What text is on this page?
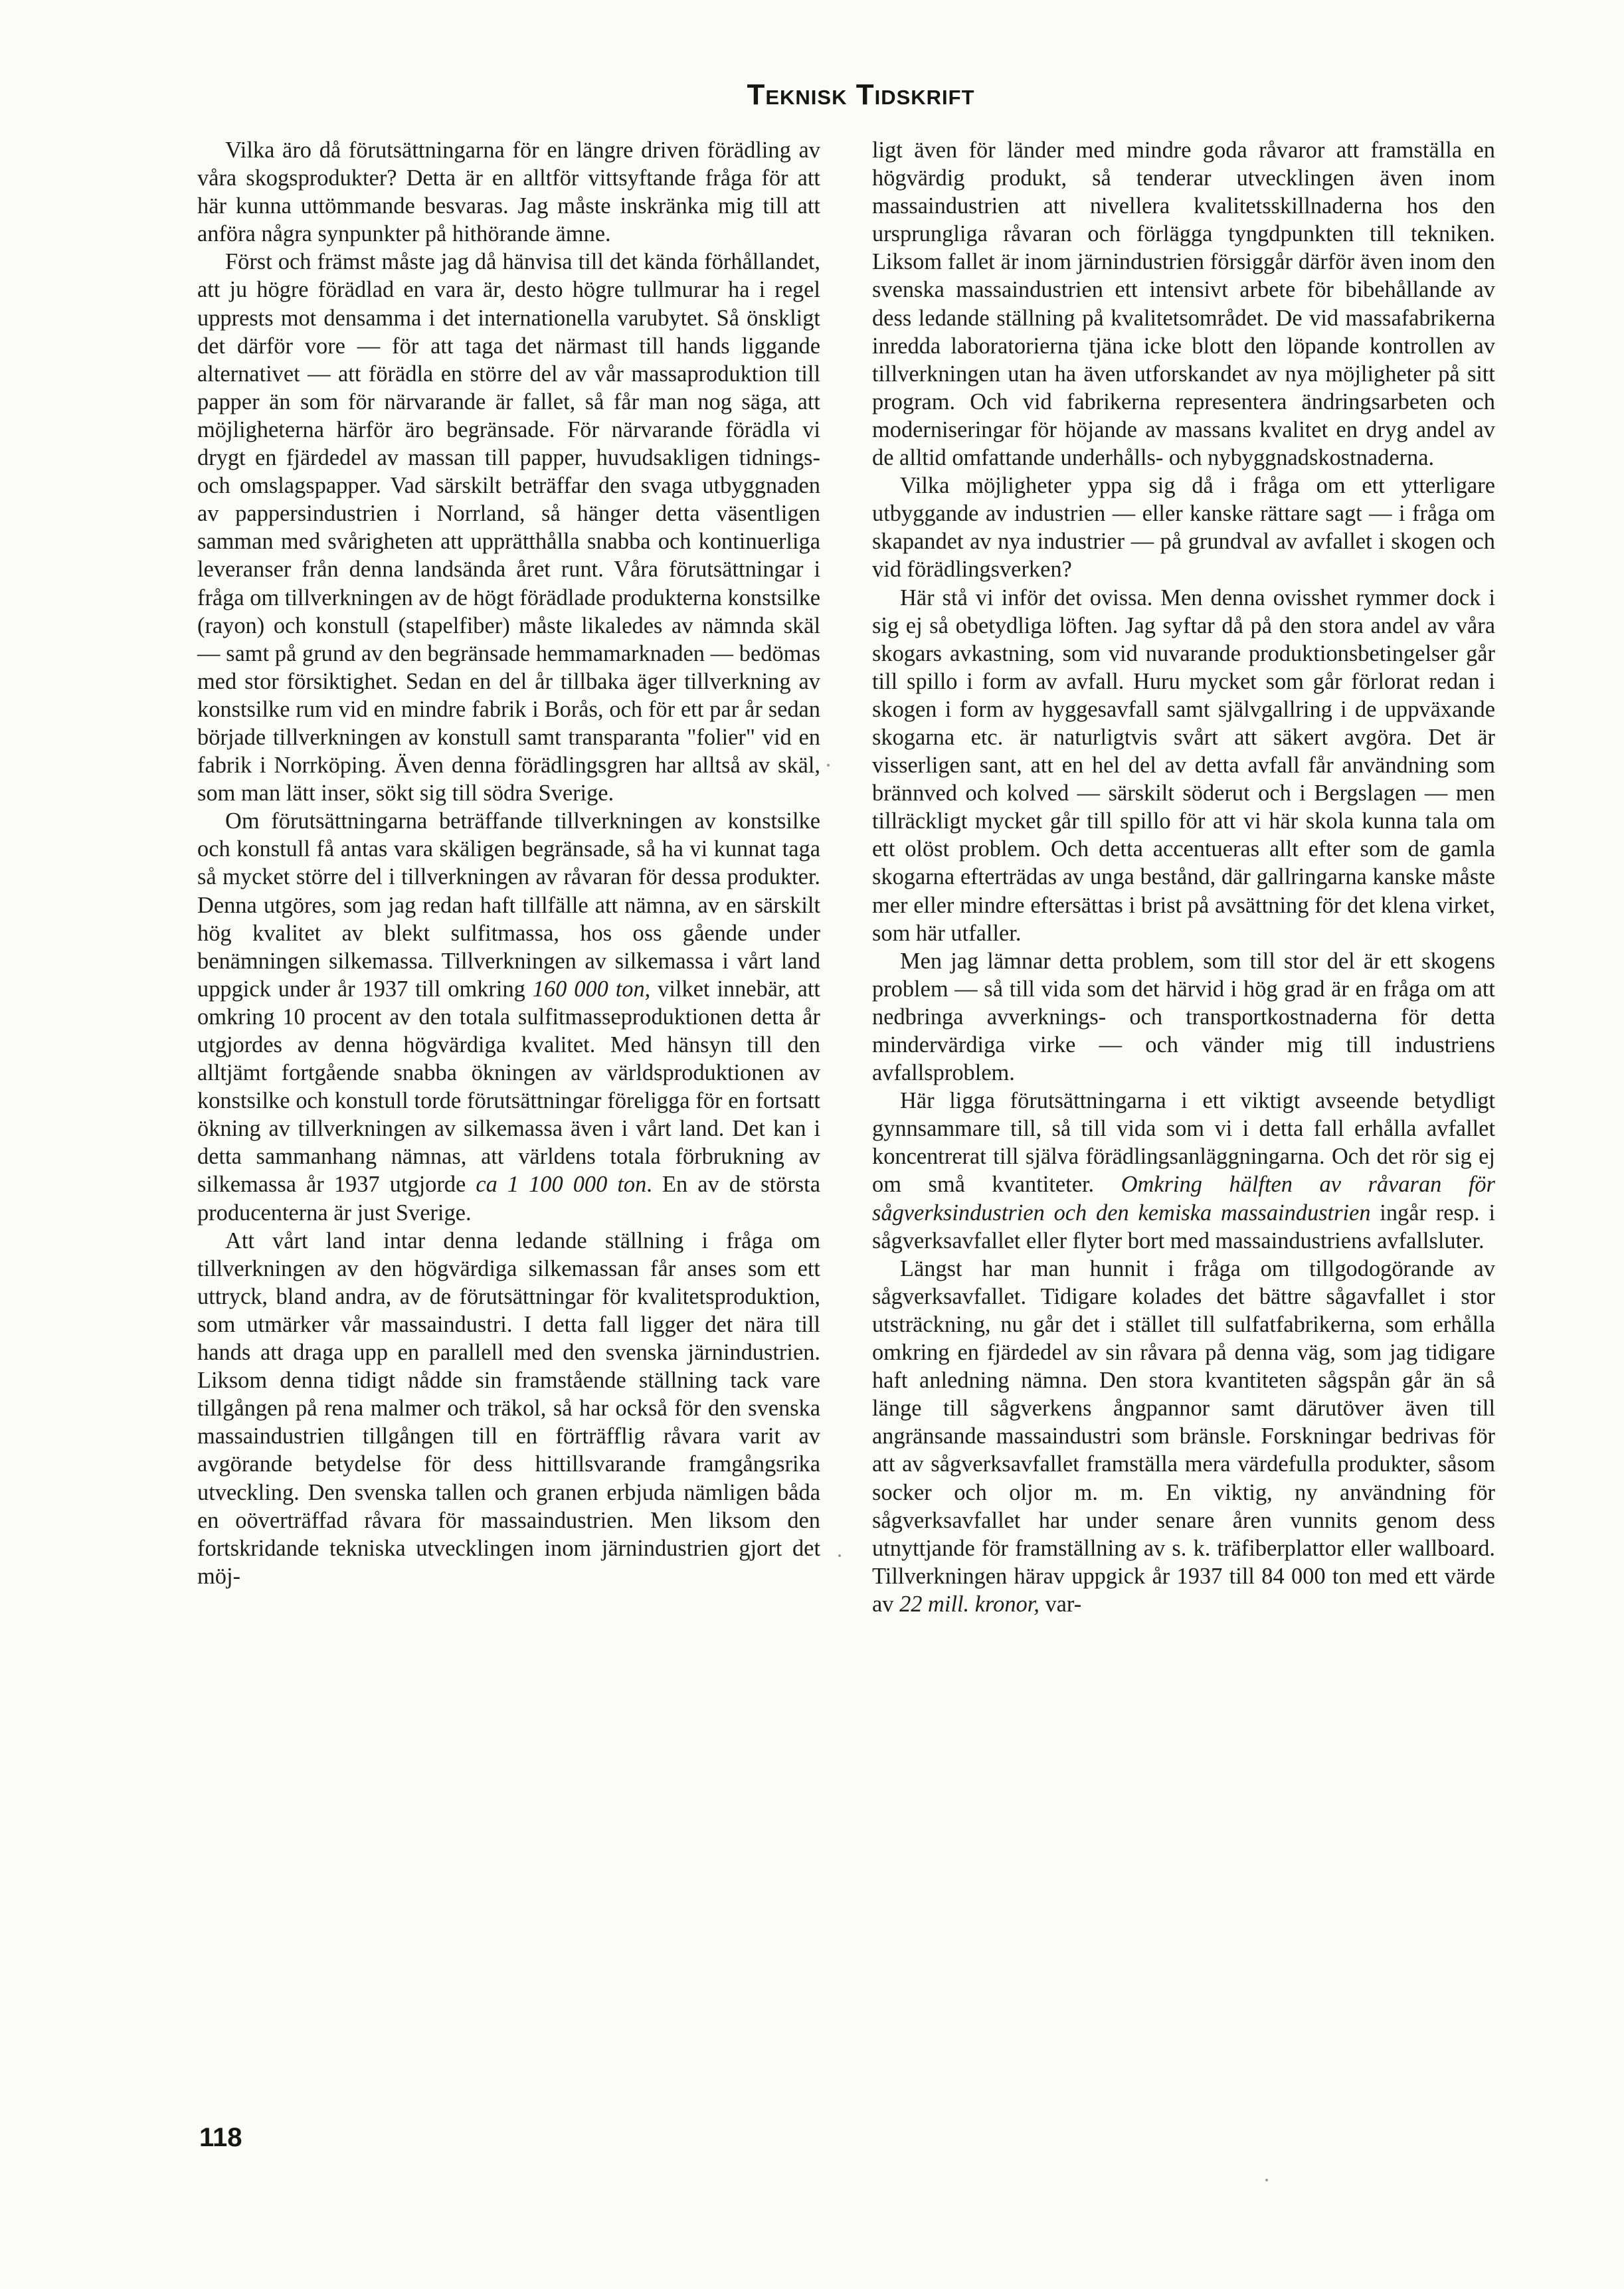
Teknisk Tidskrift

Vilka äro då förutsättningarna för en längre driven förädling av våra skogsprodukter? Detta är en alltför vittsyftande fråga för att här kunna uttömmande besvaras. Jag måste inskränka mig till att anföra några synpunkter på hithörande ämne.

Först och främst måste jag då hänvisa till det kända förhållandet, att ju högre förädlad en vara är, desto högre tullmurar ha i regel upprests mot densamma i det internationella varubytet. Så önskligt det därför vore — för att taga det närmast till hands liggande alternativet — att förädla en större del av vår massaproduktion till papper än som för närvarande är fallet, så får man nog säga, att möjligheterna härför äro begränsade. För närvarande förädla vi drygt en fjärdedel av massan till papper, huvudsakligen tidnings- och omslagspapper. Vad särskilt beträffar den svaga utbyggnaden av pappersindustrien i Norrland, så hänger detta väsentligen samman med svårigheten att upprätthålla snabba och kontinuerliga leveranser från denna landsända året runt. Våra förutsättningar i fråga om tillverkningen av de högt förädlade produkterna konstsilke (rayon) och konstull (stapelfiber) måste likaledes av nämnda skäl — samt på grund av den begränsade hemmamarknaden — bedömas med stor försiktighet. Sedan en del år tillbaka äger tillverkning av konstsilke rum vid en mindre fabrik i Borås, och för ett par år sedan började tillverkningen av konstull samt transparanta "folier" vid en fabrik i Norrköping. Även denna förädlingsgren har alltså av skäl, som man lätt inser, sökt sig till södra Sverige.

Om förutsättningarna beträffande tillverkningen av konstsilke och konstull få antas vara skäligen begränsade, så ha vi kunnat taga så mycket större del i tillverkningen av råvaran för dessa produkter. Denna utgöres, som jag redan haft tillfälle att nämna, av en särskilt hög kvalitet av blekt sulfitmassa, hos oss gående under benämningen silkemassa. Tillverkningen av silkemassa i vårt land uppgick under år 1937 till omkring 160 000 ton, vilket innebär, att omkring 10 procent av den totala sulfitmasseproduktionen detta år utgjordes av denna högvärdiga kvalitet. Med hänsyn till den alltjämt fortgående snabba ökningen av världsproduktionen av konstsilke och konstull torde förutsättningar föreligga för en fortsatt ökning av tillverkningen av silkemassa även i vårt land. Det kan i detta sammanhang nämnas, att världens totala förbrukning av silkemassa år 1937 utgjorde ca 1 100 000 ton. En av de största producenterna är just Sverige.

Att vårt land intar denna ledande ställning i fråga om tillverkningen av den högvärdiga silkemassan får anses som ett uttryck, bland andra, av de förutsättningar för kvalitetsproduktion, som utmärker vår massaindustri. I detta fall ligger det nära till hands att draga upp en parallell med den svenska järnindustrien. Liksom denna tidigt nådde sin framstående ställning tack vare tillgången på rena malmer och träkol, så har också för den svenska massaindustrien tillgången till en förträfflig råvara varit av avgörande betydelse för dess hittillsvarande framgångsrika utveckling. Den svenska tallen och granen erbjuda nämligen båda en oöverträffad råvara för massaindustrien. Men liksom den fortskridande tekniska utvecklingen inom järnindustrien gjort det möj-

ligt även för länder med mindre goda råvaror att framställa en högvärdig produkt, så tenderar utvecklingen även inom massaindustrien att nivellera kvalitetsskillnaderna hos den ursprungliga råvaran och förlägga tyngdpunkten till tekniken. Liksom fallet är inom järnindustrien försiggår därför även inom den svenska massaindustrien ett intensivt arbete för bibehållande av dess ledande ställning på kvalitetsområdet. De vid massafabrikerna inredda laboratorierna tjäna icke blott den löpande kontrollen av tillverkningen utan ha även utforskandet av nya möjligheter på sitt program. Och vid fabrikerna representera ändringsarbeten och moderniseringar för höjande av massans kvalitet en dryg andel av de alltid omfattande underhålls- och nybyggnadskostnaderna.

Vilka möjligheter yppa sig då i fråga om ett ytterligare utbyggande av industrien — eller kanske rättare sagt — i fråga om skapandet av nya industrier — på grundval av avfallet i skogen och vid förädlingsverken?

Här stå vi inför det ovissa. Men denna ovisshet rymmer dock i sig ej så obetydliga löften. Jag syftar då på den stora andel av våra skogars avkastning, som vid nuvarande produktionsbetingelser går till spillo i form av avfall. Huru mycket som går förlorat redan i skogen i form av hyggesavfall samt självgallring i de uppväxande skogarna etc. är naturligtvis svårt att säkert avgöra. Det är visserligen sant, att en hel del av detta avfall får användning som brännved och kolved — särskilt söderut och i Bergslagen — men tillräckligt mycket går till spillo för att vi här skola kunna tala om ett olöst problem. Och detta accentueras allt efter som de gamla skogarna efterträdas av unga bestånd, där gallringarna kanske måste mer eller mindre eftersättas i brist på avsättning för det klena virket, som här utfaller.

Men jag lämnar detta problem, som till stor del är ett skogens problem — så till vida som det härvid i hög grad är en fråga om att nedbringa avverknings- och transportkostnaderna för detta mindervärdiga virke — och vänder mig till industriens avfallsproblem.

Här ligga förutsättningarna i ett viktigt avseende betydligt gynnsammare till, så till vida som vi i detta fall erhålla avfallet koncentrerat till själva förädlingsanläggningarna. Och det rör sig ej om små kvantiteter. Omkring hälften av råvaran för sågverksindustrien och den kemiska massaindustrien ingår resp. i sågverksavfallet eller flyter bort med massaindustriens avfallsluter.

Längst har man hunnit i fråga om tillgodogörande av sågverksavfallet. Tidigare kolades det bättre sågavfallet i stor utsträckning, nu går det i stället till sulfatfabrikerna, som erhålla omkring en fjärdedel av sin råvara på denna väg, som jag tidigare haft anledning nämna. Den stora kvantiteten sågspån går än så länge till sågverkens ångpannor samt därutöver även till angränsande massaindustri som bränsle. Forskningar bedrivas för att av sågverksavfallet framställa mera värdefulla produkter, såsom socker och oljor m. m. En viktig, ny användning för sågverksavfallet har under senare åren vunnits genom dess utnyttjande för framställning av s. k. träfiberplattor eller wallboard. Tillverkningen härav uppgick år 1937 till 84 000 ton med ett värde av 22 mill. kronor, var-

118
